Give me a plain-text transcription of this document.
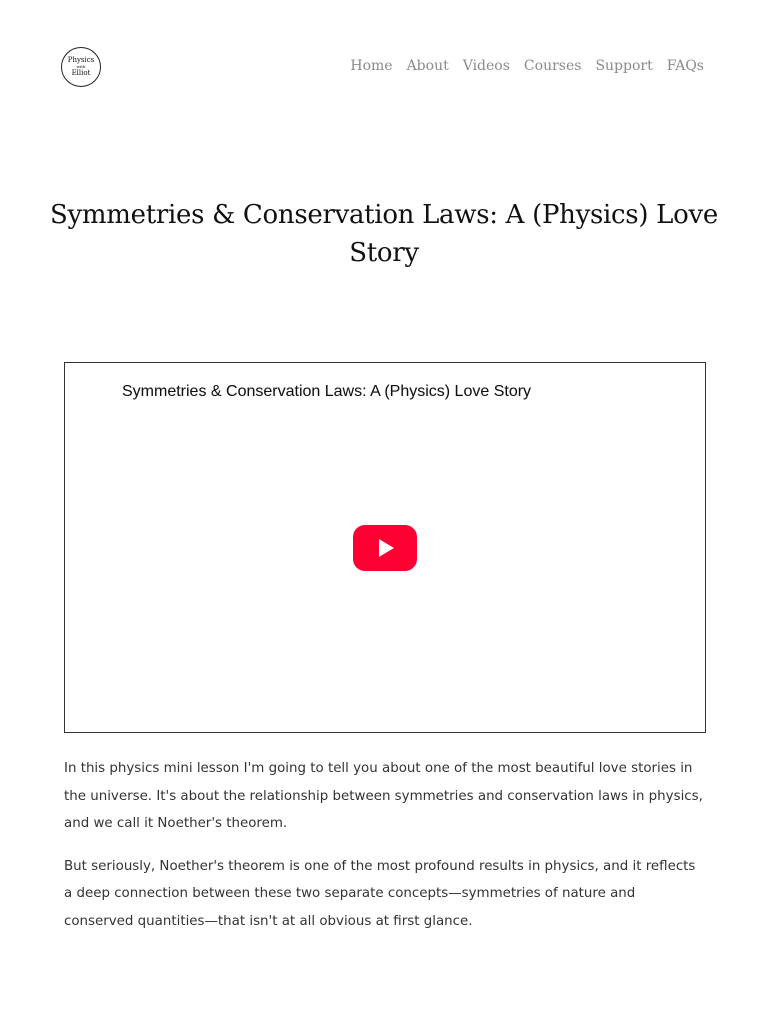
Physics
with
Elliot	Home About Videos Courses Support FAQs
Symmetries & Conservation Laws: A (Physics) Love Story
Symmetries & Conservation Laws: A (Physics) Love Story

In this physics mini lesson I'm going to tell you about one of the most beautiful love stories in the universe. It's about the relationship between symmetries and conservation laws in physics, and we call it Noether's theorem.

But seriously, Noether's theorem is one of the most profound results in physics, and it reflects a deep connection between these two separate concepts—symmetries of nature and conserved quantities—that isn't at all obvious at first glance.
